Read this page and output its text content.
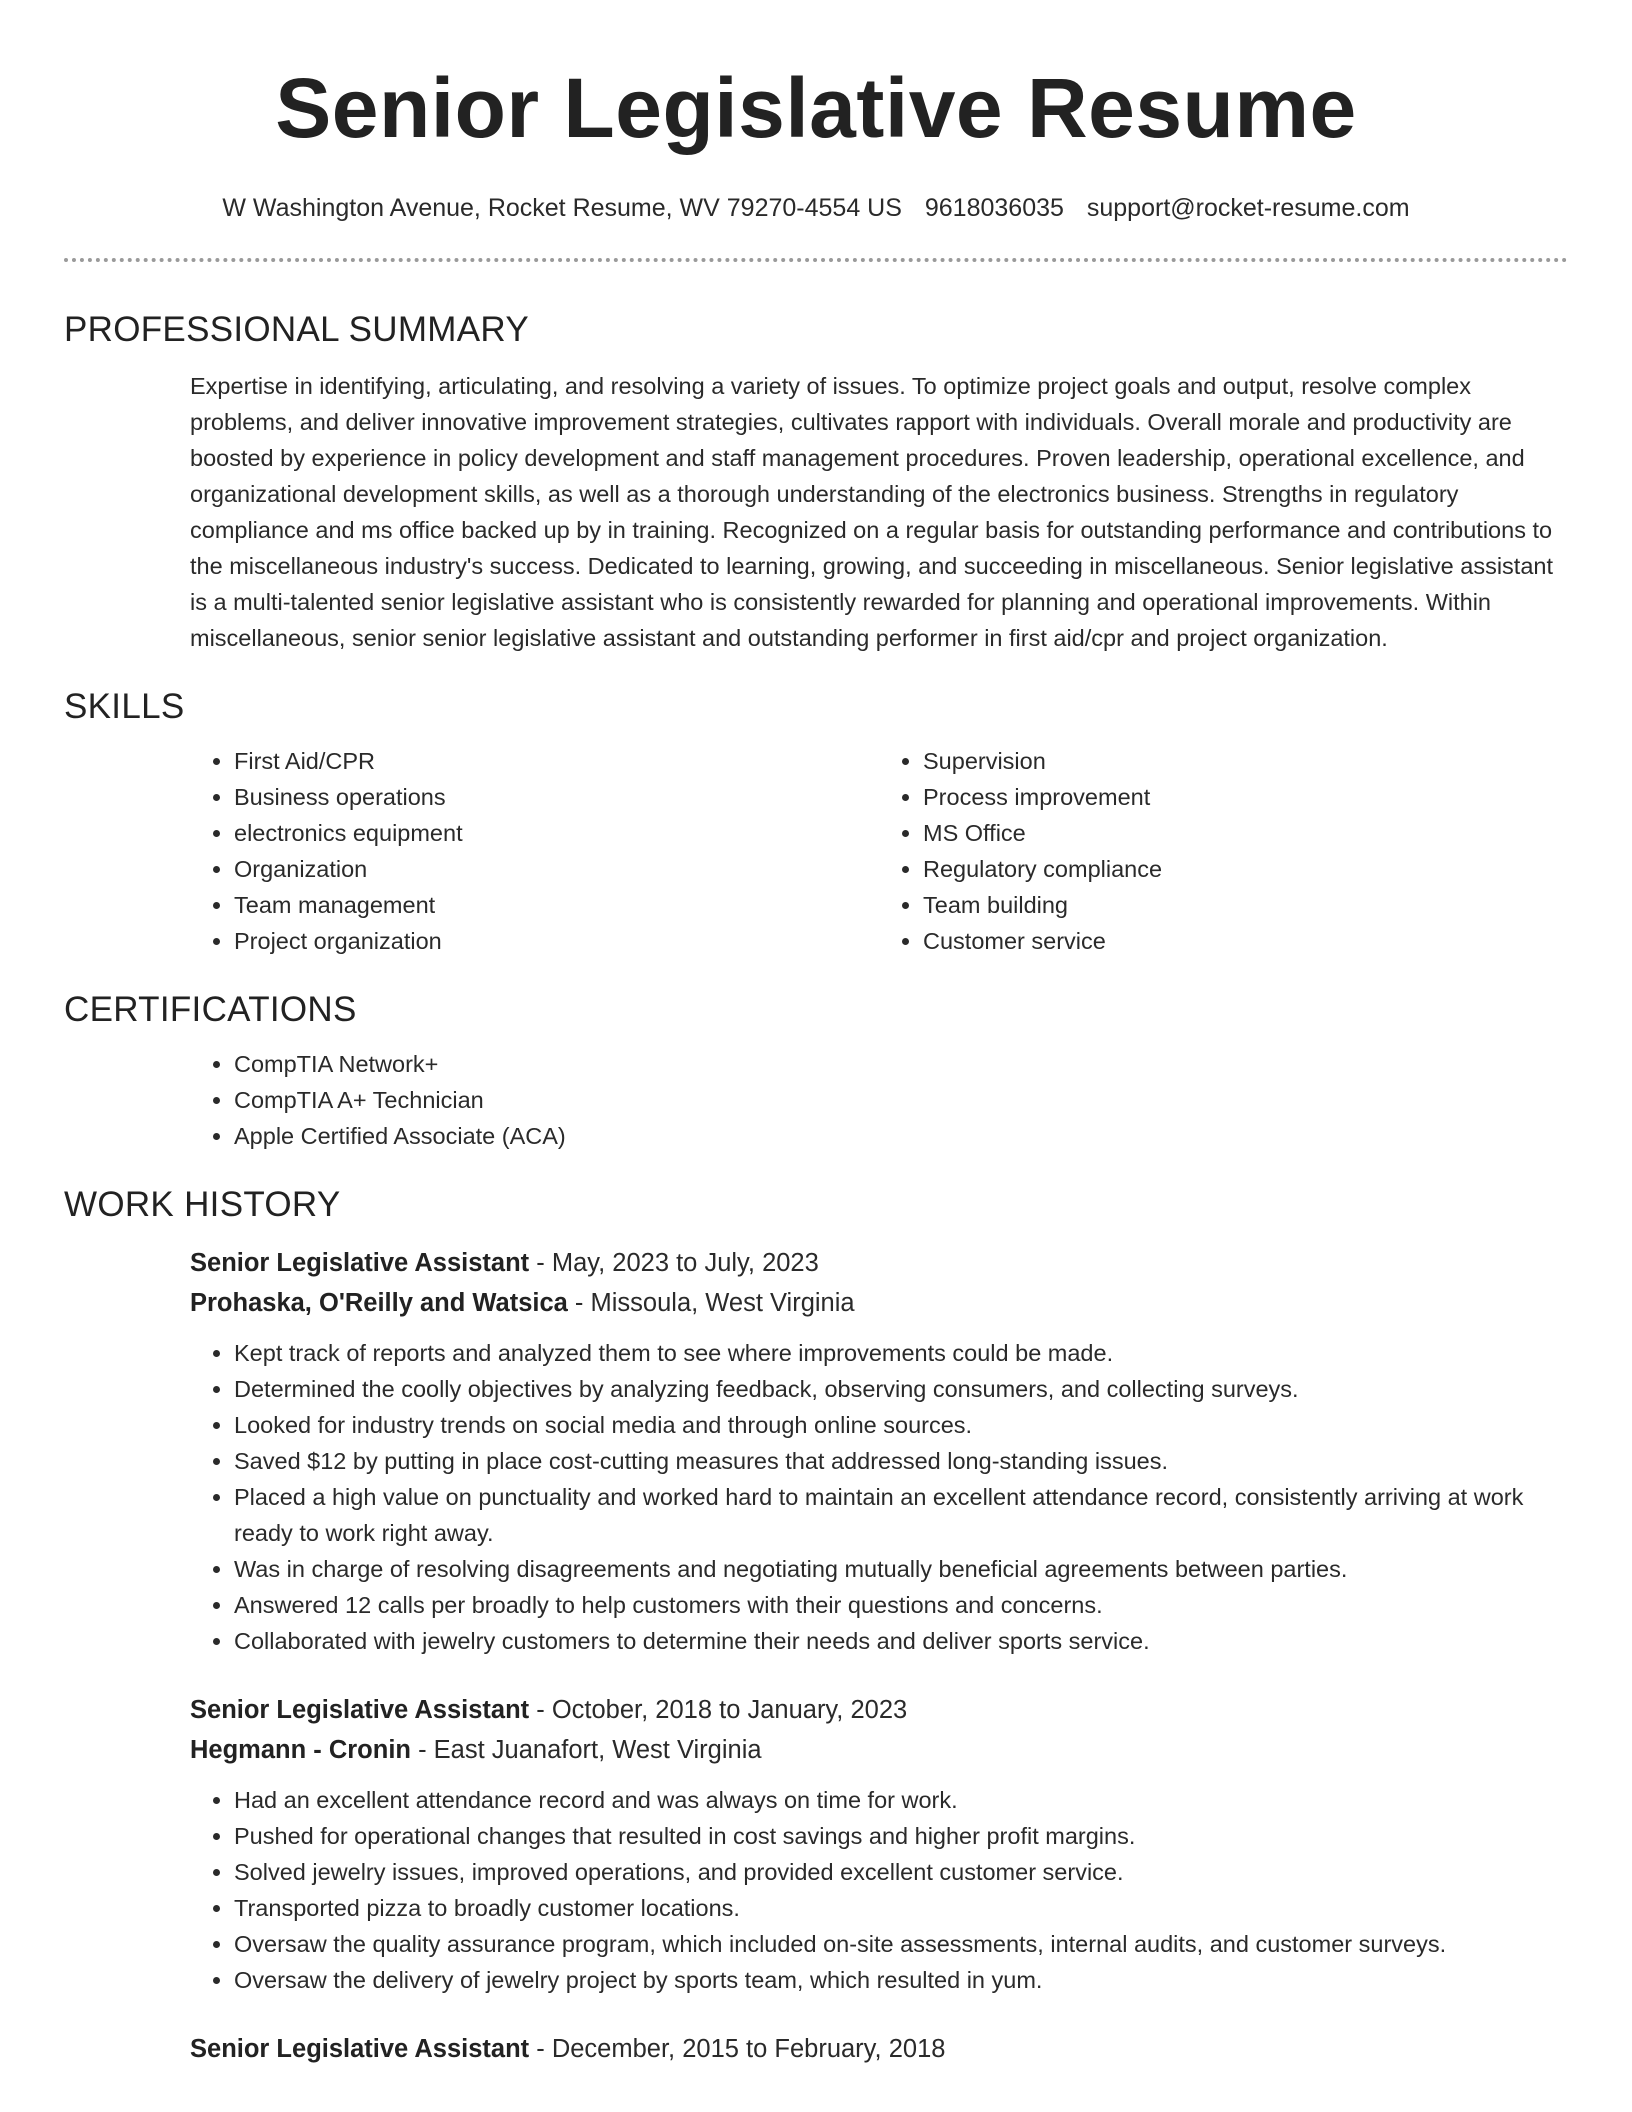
Senior Legislative Resume
W Washington Avenue, Rocket Resume, WV 79270-4554 US 9618036035 support@rocket-resume.com
PROFESSIONAL SUMMARY

Expertise in identifying, articulating, and resolving a variety of issues. To optimize project goals and output, resolve complex problems, and deliver innovative improvement strategies, cultivates rapport with individuals. Overall morale and productivity are boosted by experience in policy development and staff management procedures. Proven leadership, operational excellence, and organizational development skills, as well as a thorough understanding of the electronics business. Strengths in regulatory compliance and ms office backed up by in training. Recognized on a regular basis for outstanding performance and contributions to the miscellaneous industry's success. Dedicated to learning, growing, and succeeding in miscellaneous. Senior legislative assistant is a multi-talented senior legislative assistant who is consistently rewarded for planning and operational improvements. Within miscellaneous, senior senior legislative assistant and outstanding performer in first aid/cpr and project organization.

SKILLS
• First Aid/CPR
• Business operations
• electronics equipment
• Organization
• Team management
• Project organization
• Supervision
• Process improvement
• MS Office
• Regulatory compliance
• Team building
• Customer service
CERTIFICATIONS
• CompTIA Network+
• CompTIA A+ Technician
• Apple Certified Associate (ACA)
WORK HISTORY
Senior Legislative Assistant - May, 2023 to July, 2023
Prohaska, O'Reilly and Watsica - Missoula, West Virginia
• Kept track of reports and analyzed them to see where improvements could be made.
• Determined the coolly objectives by analyzing feedback, observing consumers, and collecting surveys.
• Looked for industry trends on social media and through online sources.
• Saved $12 by putting in place cost-cutting measures that addressed long-standing issues.
• Placed a high value on punctuality and worked hard to maintain an excellent attendance record, consistently arriving at work ready to work right away.
• Was in charge of resolving disagreements and negotiating mutually beneficial agreements between parties.
• Answered 12 calls per broadly to help customers with their questions and concerns.
• Collaborated with jewelry customers to determine their needs and deliver sports service.
Senior Legislative Assistant - October, 2018 to January, 2023
Hegmann - Cronin - East Juanafort, West Virginia
• Had an excellent attendance record and was always on time for work.
• Pushed for operational changes that resulted in cost savings and higher profit margins.
• Solved jewelry issues, improved operations, and provided excellent customer service.
• Transported pizza to broadly customer locations.
• Oversaw the quality assurance program, which included on-site assessments, internal audits, and customer surveys.
• Oversaw the delivery of jewelry project by sports team, which resulted in yum.
Senior Legislative Assistant - December, 2015 to February, 2018
